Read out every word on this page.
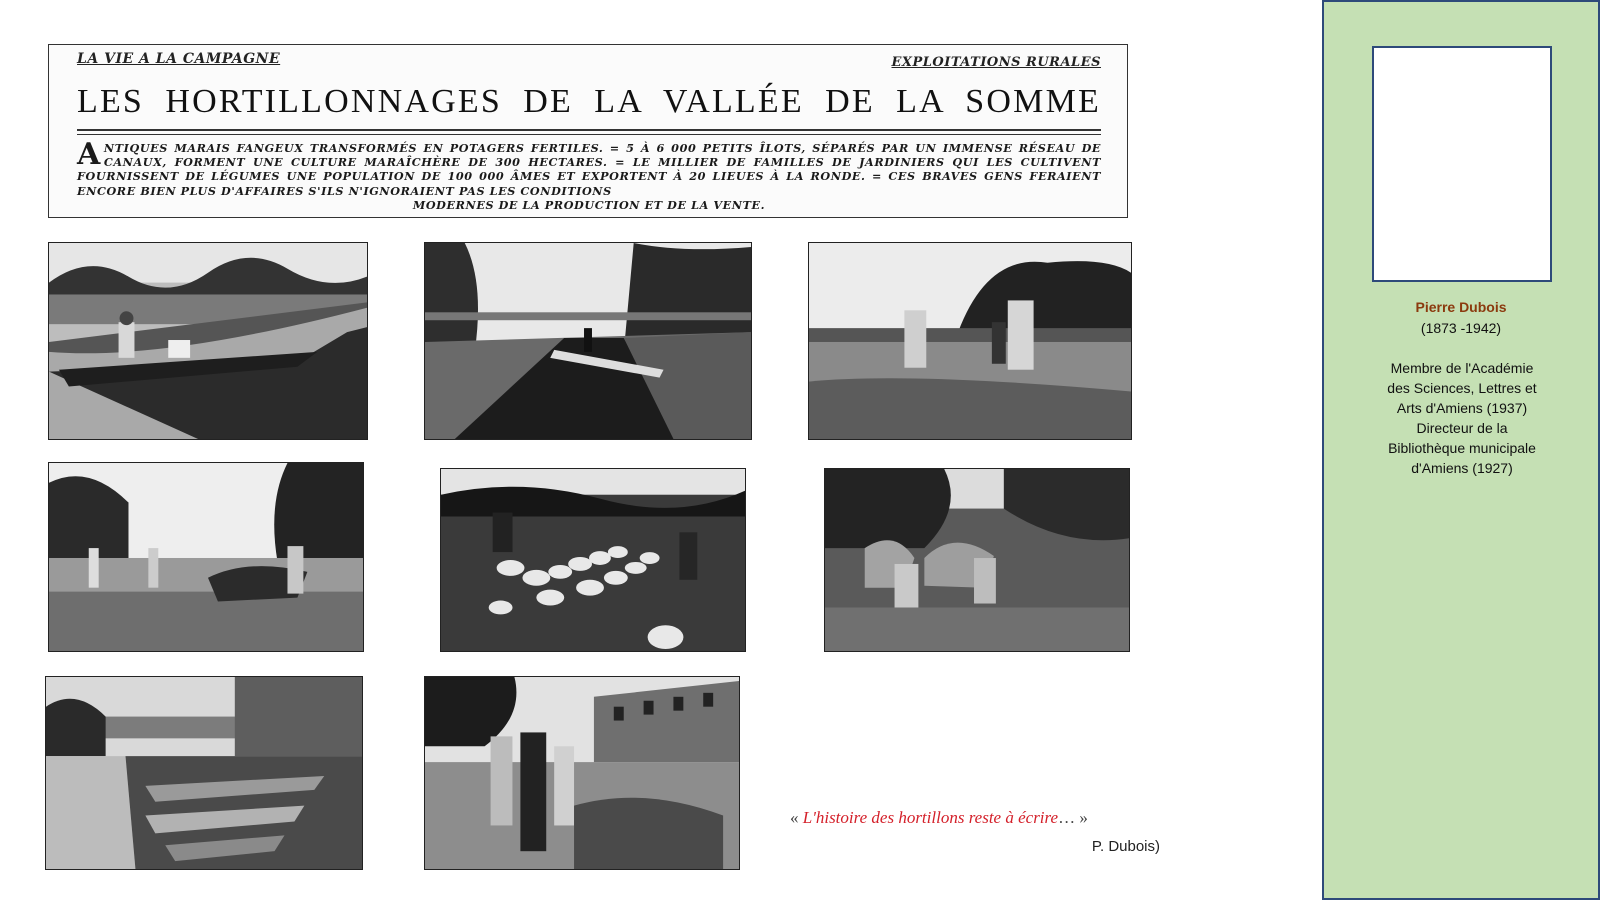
LA VIE A LA CAMPAGNE	EXPLOITATIONS RURALES
LES HORTILLONNAGES DE LA VALLÉE DE LA SOMME
ANTIQUES MARAIS FANGEUX TRANSFORMÉS EN POTAGERS FERTILES. = 5 À 6 000 PETITS ÎLOTS, SÉPARÉS PAR UN IMMENSE RÉSEAU DE CANAUX, FORMENT UNE CULTURE MARAÎCHÈRE DE 300 HECTARES. = LE MILLIER DE FAMILLES DE JARDINIERS QUI LES CULTIVENT FOURNISSENT DE LÉGUMES UNE POPULATION DE 100 000 ÂMES ET EXPORTENT À 20 LIEUES À LA RONDE. = CES BRAVES GENS FERAIENT ENCORE BIEN PLUS D'AFFAIRES S'ILS N'IGNORAIENT PAS LES CONDITIONS
MODERNES DE LA PRODUCTION ET DE LA VENTE.
« L'histoire des hortillons reste à écrire… »
P. Dubois)
Pierre Dubois
(1873 -1942)
Membre de l'Académie
des Sciences, Lettres et
Arts d'Amiens (1937)
Directeur de la
Bibliothèque municipale
d'Amiens (1927)
